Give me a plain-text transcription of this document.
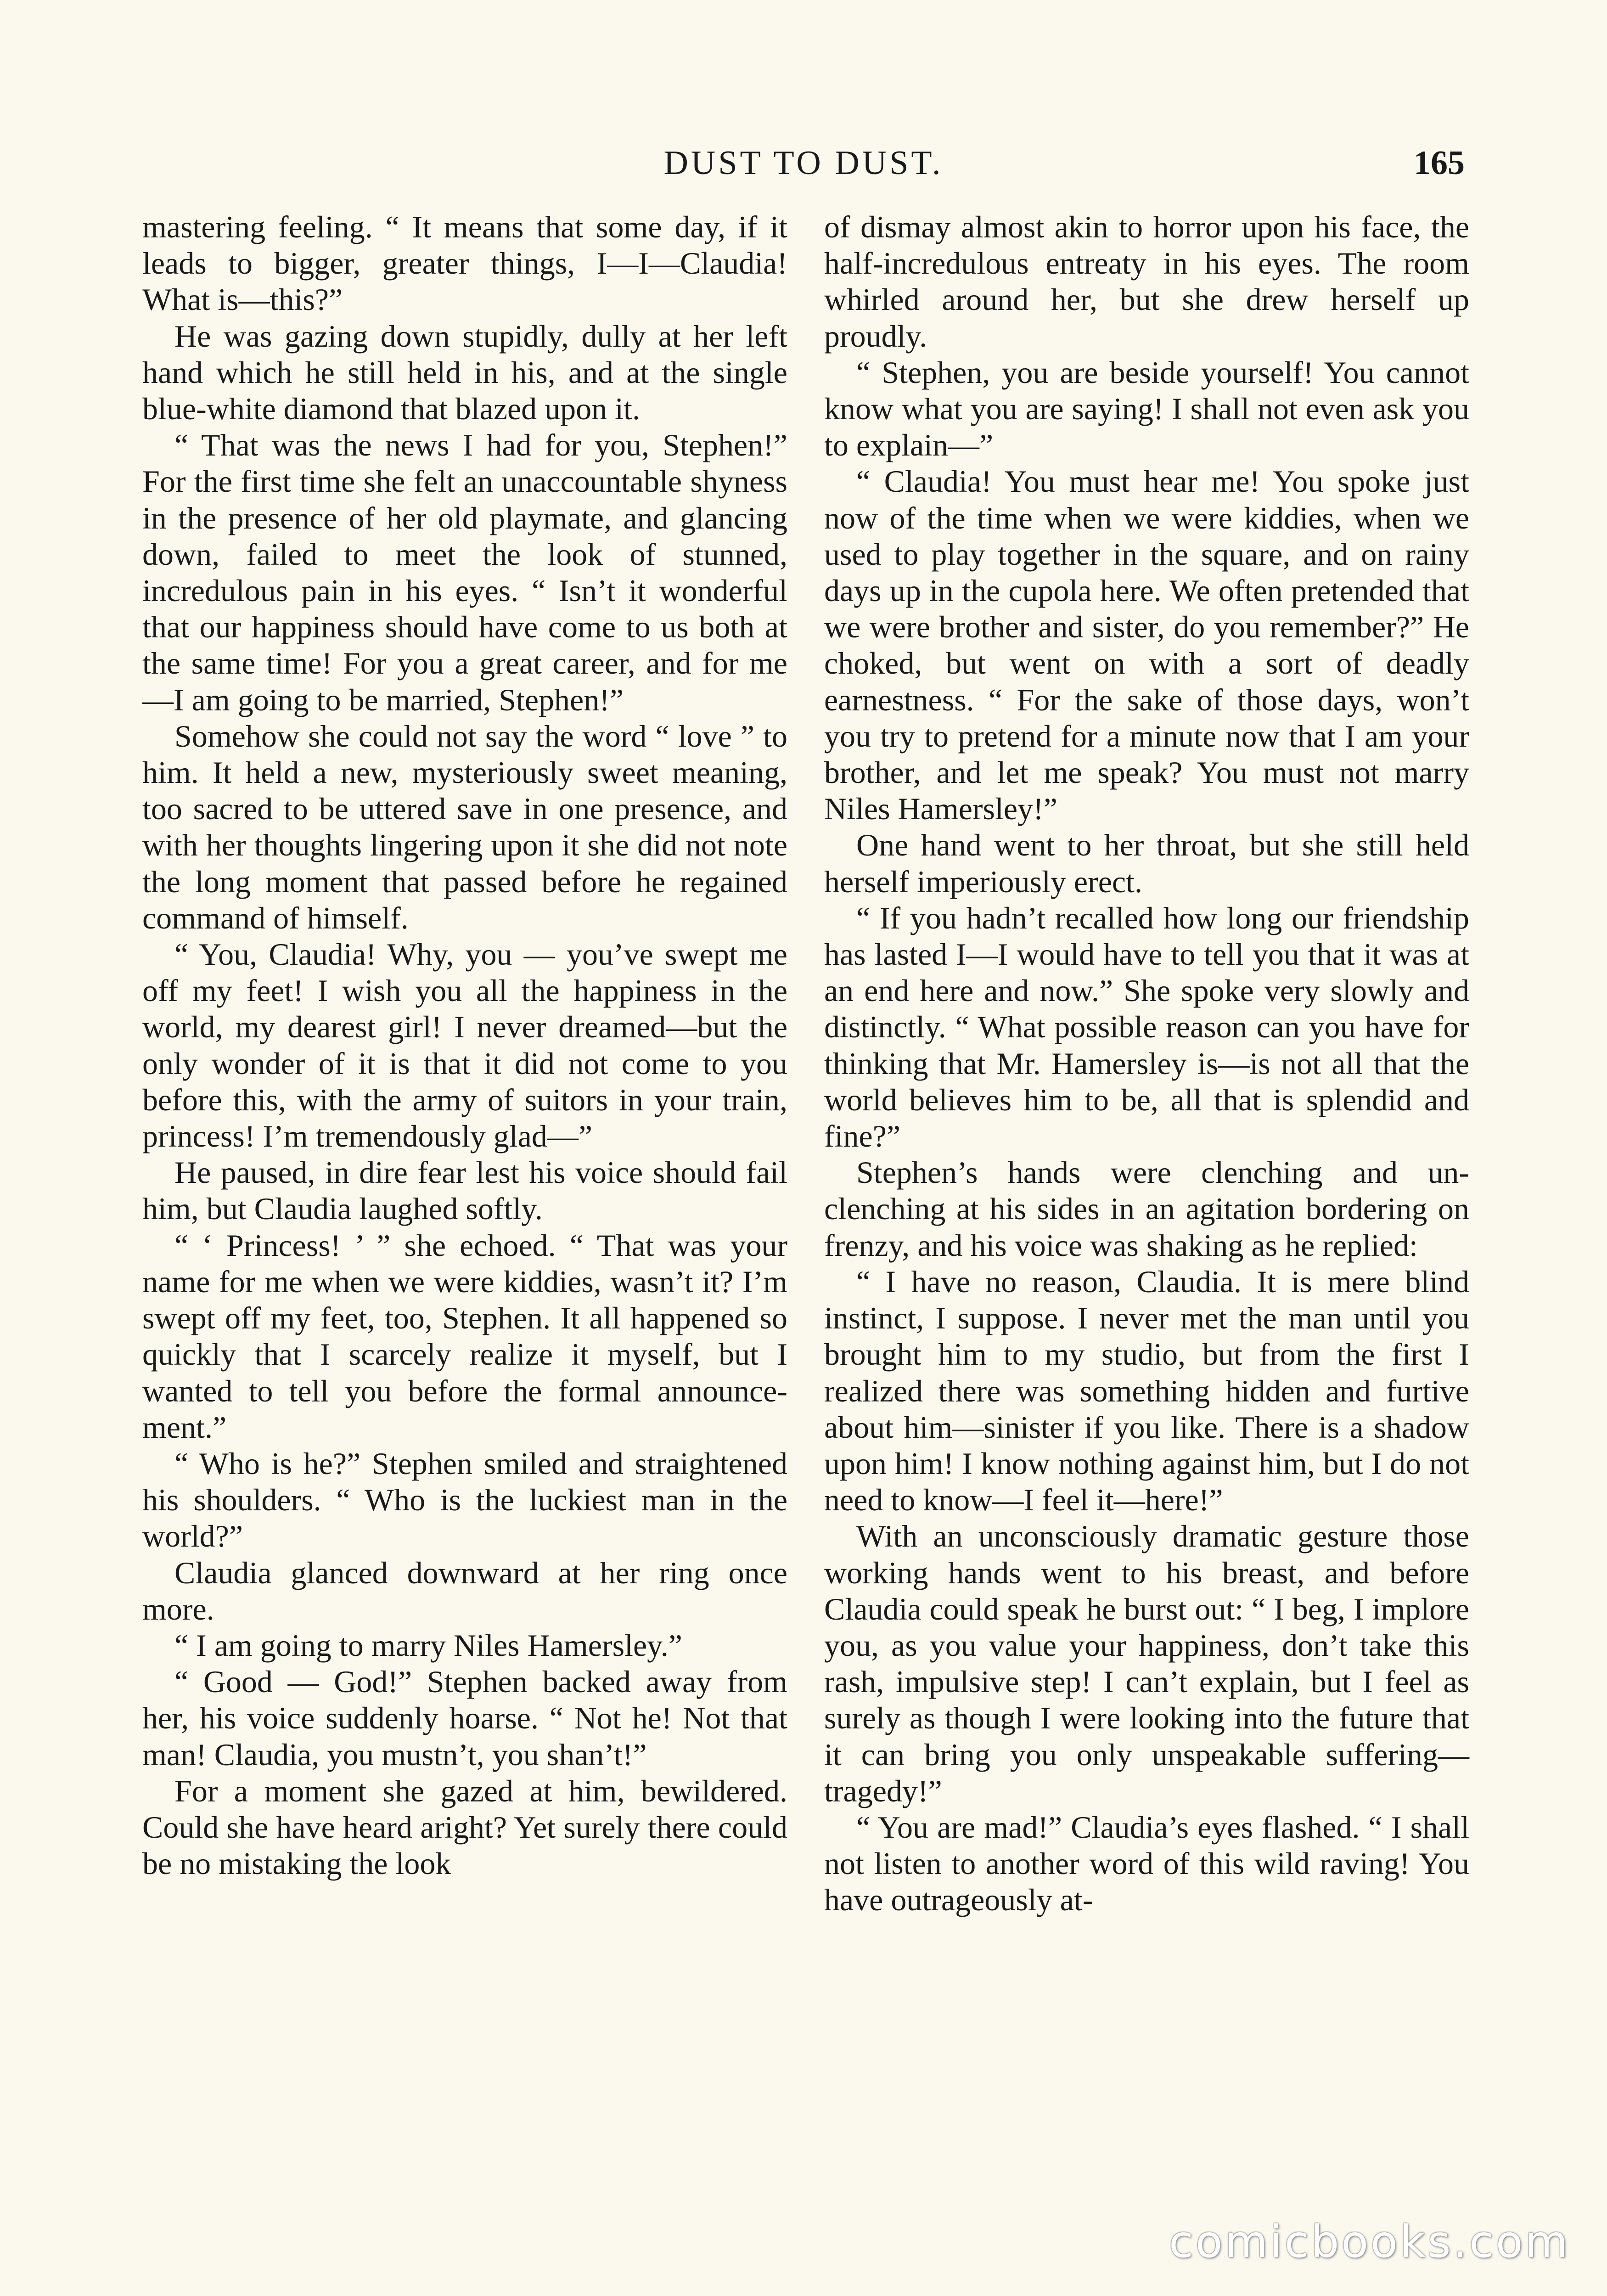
DUST TO DUST.	165

mastering feeling. “ It means that some day, if it leads to bigger, greater things, I—I—Claudia! What is—this?”

He was gazing down stupidly, dully at her left hand which he still held in his, and at the single blue-white diamond that blazed upon it.

“ That was the news I had for you, Stephen!” For the first time she felt an unaccountable shyness in the presence of her old playmate, and glancing down, failed to meet the look of stunned, incredulous pain in his eyes. “ Isn’t it wonderful that our happiness should have come to us both at the same time! For you a great career, and for me—I am going to be married, Stephen!”

Somehow she could not say the word “ love ” to him. It held a new, mysteriously sweet meaning, too sacred to be uttered save in one presence, and with her thoughts lingering upon it she did not note the long moment that passed before he regained command of himself.

“ You, Claudia! Why, you — you’ve swept me off my feet! I wish you all the happiness in the world, my dearest girl! I never dreamed—but the only wonder of it is that it did not come to you before this, with the army of suitors in your train, princess! I’m tremendously glad—”

He paused, in dire fear lest his voice should fail him, but Claudia laughed softly.

“ ‘ Princess! ’ ” she echoed. “ That was your name for me when we were kiddies, wasn’t it? I’m swept off my feet, too, Stephen. It all happened so quickly that I scarcely realize it myself, but I wanted to tell you before the formal announcement.”

“ Who is he?” Stephen smiled and straightened his shoulders. “ Who is the luckiest man in the world?”

Claudia glanced downward at her ring once more.

“ I am going to marry Niles Hamersley.”

“ Good — God!” Stephen backed away from her, his voice suddenly hoarse. “ Not he! Not that man! Claudia, you mustn’t, you shan’t!”

For a moment she gazed at him, bewildered. Could she have heard aright? Yet surely there could be no mistaking the look

of dismay almost akin to horror upon his face, the half-incredulous entreaty in his eyes. The room whirled around her, but she drew herself up proudly.

“ Stephen, you are beside yourself! You cannot know what you are saying! I shall not even ask you to explain—”

“ Claudia! You must hear me! You spoke just now of the time when we were kiddies, when we used to play together in the square, and on rainy days up in the cupola here. We often pretended that we were brother and sister, do you remember?” He choked, but went on with a sort of deadly earnestness. “ For the sake of those days, won’t you try to pretend for a minute now that I am your brother, and let me speak? You must not marry Niles Hamersley!”

One hand went to her throat, but she still held herself imperiously erect.

“ If you hadn’t recalled how long our friendship has lasted I—I would have to tell you that it was at an end here and now.” She spoke very slowly and distinctly. “ What possible reason can you have for thinking that Mr. Hamersley is—is not all that the world believes him to be, all that is splendid and fine?”

Stephen’s hands were clenching and unclenching at his sides in an agitation bordering on frenzy, and his voice was shaking as he replied:

“ I have no reason, Claudia. It is mere blind instinct, I suppose. I never met the man until you brought him to my studio, but from the first I realized there was something hidden and furtive about him—sinister if you like. There is a shadow upon him! I know nothing against him, but I do not need to know—I feel it—here!”

With an unconsciously dramatic gesture those working hands went to his breast, and before Claudia could speak he burst out: “ I beg, I implore you, as you value your happiness, don’t take this rash, impulsive step! I can’t explain, but I feel as surely as though I were looking into the future that it can bring you only unspeakable suffering—tragedy!”

“ You are mad!” Claudia’s eyes flashed. “ I shall not listen to another word of this wild raving! You have outrageously at-

comicbooks.com
